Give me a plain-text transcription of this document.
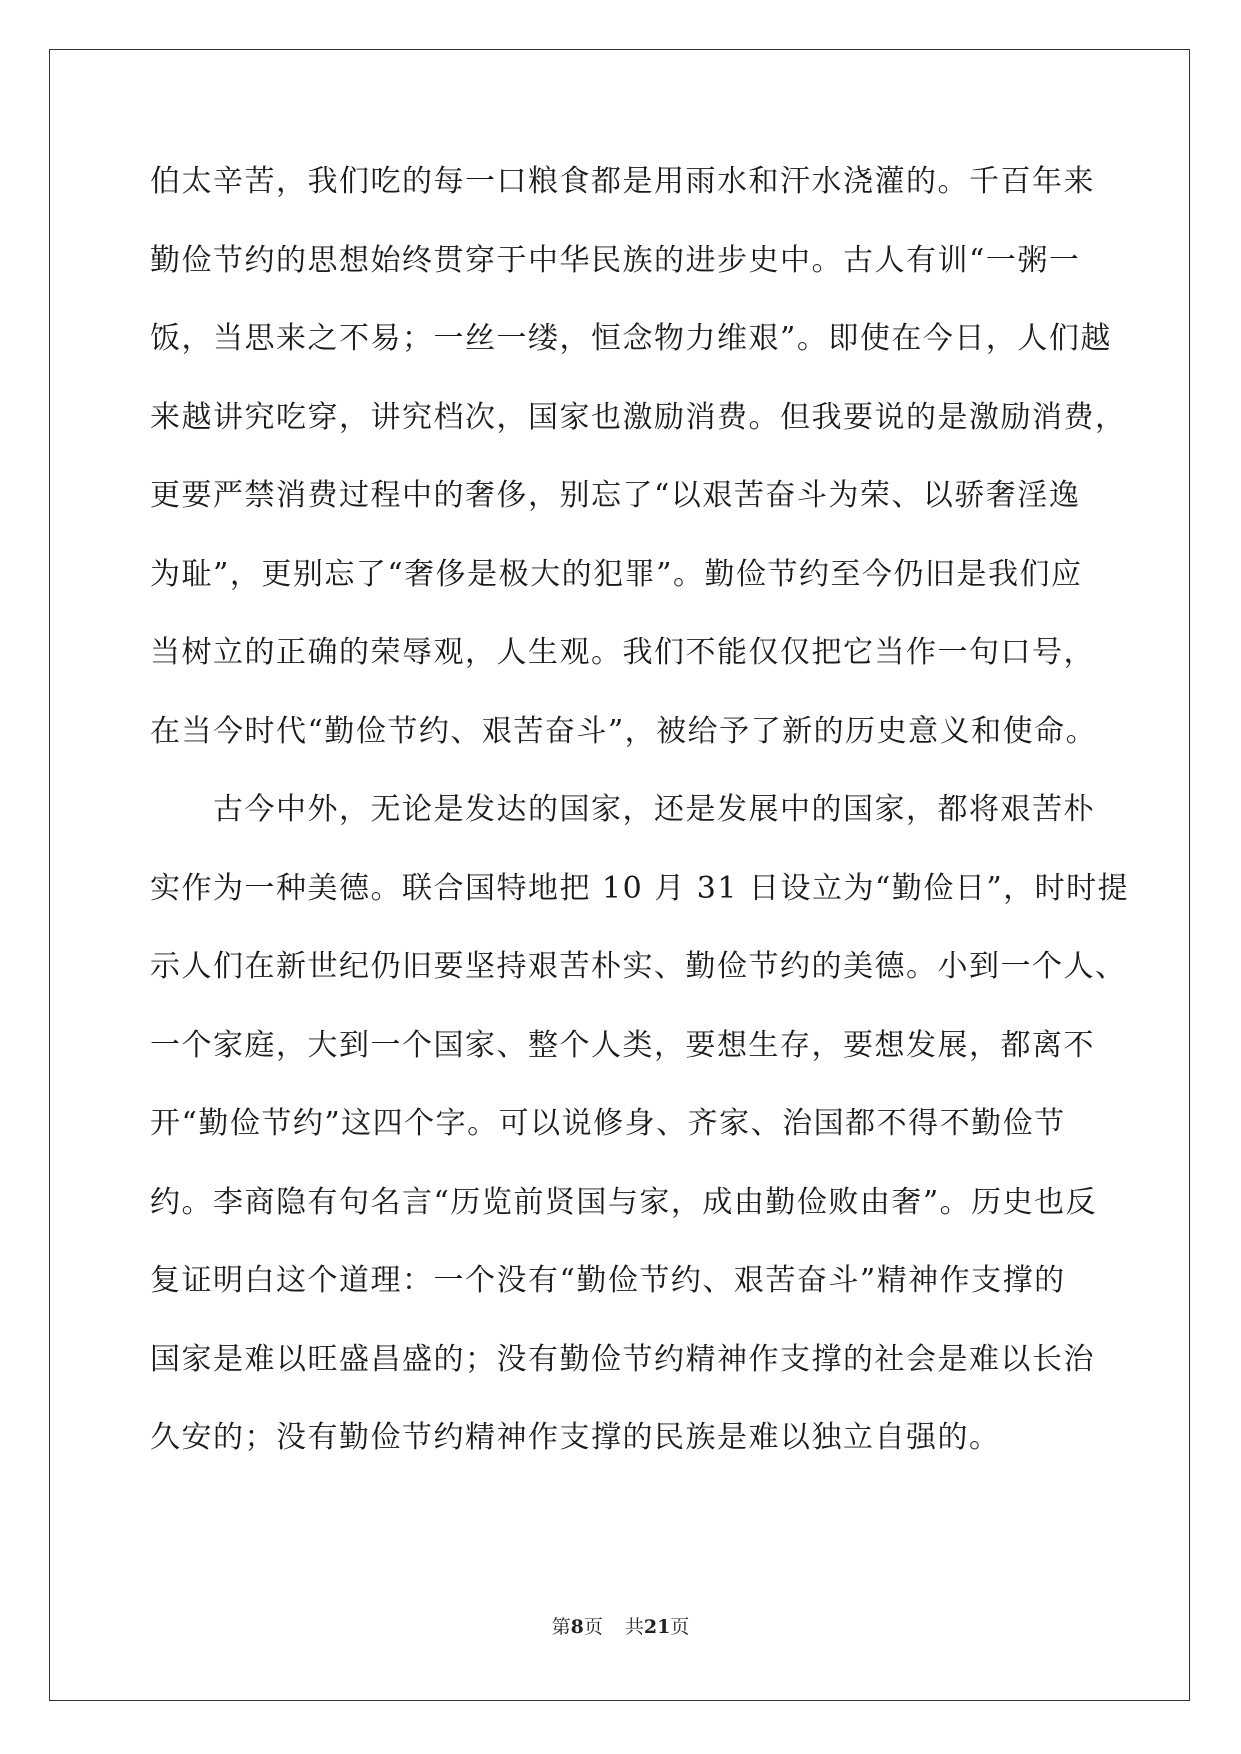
伯太辛苦，我们吃的每一口粮食都是用雨水和汗水浇灌的。千百年来
勤俭节约的思想始终贯穿于中华民族的进步史中。古人有训“一粥一
饭，当思来之不易；一丝一缕，恒念物力维艰”。即使在今日，人们越
来越讲究吃穿，讲究档次，国家也激励消费。但我要说的是激励消费，
更要严禁消费过程中的奢侈，别忘了“以艰苦奋斗为荣、以骄奢淫逸
为耻”，更别忘了“奢侈是极大的犯罪”。勤俭节约至今仍旧是我们应
当树立的正确的荣辱观，人生观。我们不能仅仅把它当作一句口号，
在当今时代“勤俭节约、艰苦奋斗”，被给予了新的历史意义和使命。
　　古今中外，无论是发达的国家，还是发展中的国家，都将艰苦朴
实作为一种美德。联合国特地把 10 月 31 日设立为“勤俭日”，时时提
示人们在新世纪仍旧要坚持艰苦朴实、勤俭节约的美德。小到一个人、
一个家庭，大到一个国家、整个人类，要想生存，要想发展，都离不
开“勤俭节约”这四个字。可以说修身、齐家、治国都不得不勤俭节
约。李商隐有句名言“历览前贤国与家，成由勤俭败由奢”。历史也反
复证明白这个道理：一个没有“勤俭节约、艰苦奋斗”精神作支撑的
国家是难以旺盛昌盛的；没有勤俭节约精神作支撑的社会是难以长治
久安的；没有勤俭节约精神作支撑的民族是难以独立自强的。
第8页 共21页
